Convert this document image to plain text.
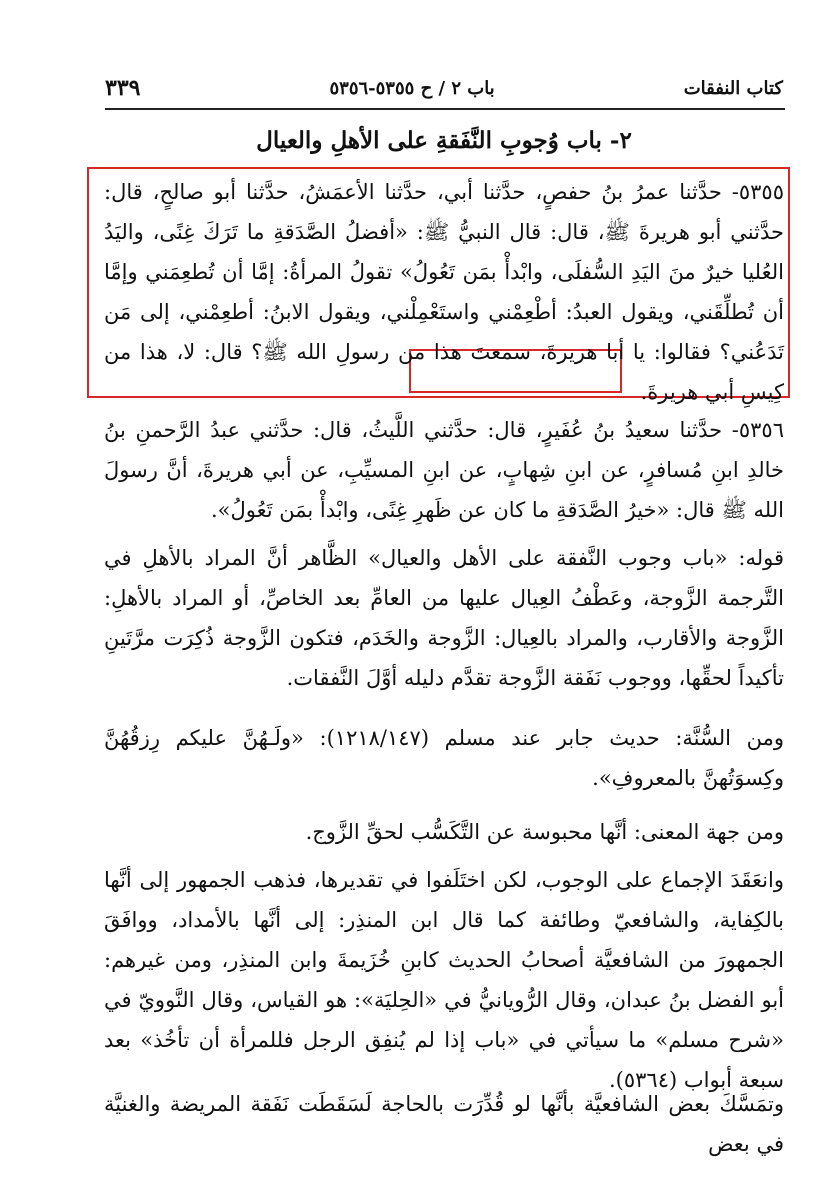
كتاب النفقات
باب ٢ / ح ٥٣٥٥-٥٣٥٦
٣٣٩
٢- باب وُجوبِ النَّفَقةِ على الأهلِ والعيال

٥٣٥٥- حدَّثنا عمرُ بنُ حفصٍ، حدَّثنا أبي، حدَّثنا الأعمَشُ، حدَّثنا أبو صالحٍ، قال: حدَّثني أبو هريرةَ ﷺ، قال: قال النبيُّ ﷺ: «أفضلُ الصَّدَقةِ ما تَرَكَ غِنًى، واليَدُ العُليا خيرٌ منَ اليَدِ السُّفلَى، وابْدأْ بمَن تَعُولُ» تقولُ المرأةُ: إمَّا أن تُطعِمَني وإمَّا أن تُطلِّقَني، ويقول العبدُ: أطْعِمْني واستَعْمِلْني، ويقول الابنُ: أطعِمْني، إلى مَن تَدَعُني؟ فقالوا: يا أبا هريرةَ، سمعتَ هذا من رسولِ الله ﷺ؟ قال: لا، هذا من كِيسِ أبي هريرةَ.

٥٣٥٦- حدَّثنا سعيدُ بنُ عُفَيرٍ، قال: حدَّثني اللَّيثُ، قال: حدَّثني عبدُ الرَّحمنِ بنُ خالدِ ابنِ مُسافرٍ، عن ابنِ شِهابٍ، عن ابنِ المسيِّبِ، عن أبي هريرةَ، أنَّ رسولَ الله ﷺ قال: «خيرُ الصَّدَقةِ ما كان عن ظَهرِ غِنًى، وابْدأْ بمَن تَعُولُ».

قوله: «باب وجوب النَّفقة على الأهل والعيال» الظَّاهر أنَّ المراد بالأهلِ في التَّرجمة الزَّوجة، وعَطْفُ العِيال عليها من العامِّ بعد الخاصِّ، أو المراد بالأهلِ: الزَّوجة والأقارب، والمراد بالعِيال: الزَّوجة والخَدَم، فتكون الزَّوجة ذُكِرَت مرَّتَينِ تأكيداً لحقِّها، ووجوب نَفَقة الزَّوجة تقدَّم دليله أوَّلَ النَّفقات.

ومن السُّنَّة: حديث جابر عند مسلم (١٢١٨/١٤٧): «ولَـهُنَّ عليكم رِزقُهُنَّ وكِسوَتُهنَّ بالمعروفِ».

ومن جهة المعنى: أنَّها محبوسة عن التَّكَسُّب لحقِّ الزَّوج.

وانعَقَدَ الإجماع على الوجوب، لكن اختَلَفوا في تقديرها، فذهب الجمهور إلى أنَّها بالكِفاية، والشافعيّ وطائفة كما قال ابن المنذِر: إلى أنَّها بالأمداد، ووافَقَ الجمهورَ من الشافعيَّة أصحابُ الحديث كابنِ خُزَيمةَ وابن المنذِر، ومن غيرهم: أبو الفضل بنُ عبدان، وقال الرُّويانيُّ في «الحِليَة»: هو القياس، وقال النَّوويّ في «شرح مسلم» ما سيأتي في «باب إذا لم يُنفِق الرجل فللمرأة أن تأخُذ» بعد سبعة أبواب (٥٣٦٤).

وتمَسَّكَ بعض الشافعيَّة بأنَّها لو قُدِّرَت بالحاجة لَسَقَطَت نَفَقة المريضة والغنيَّة في بعض
